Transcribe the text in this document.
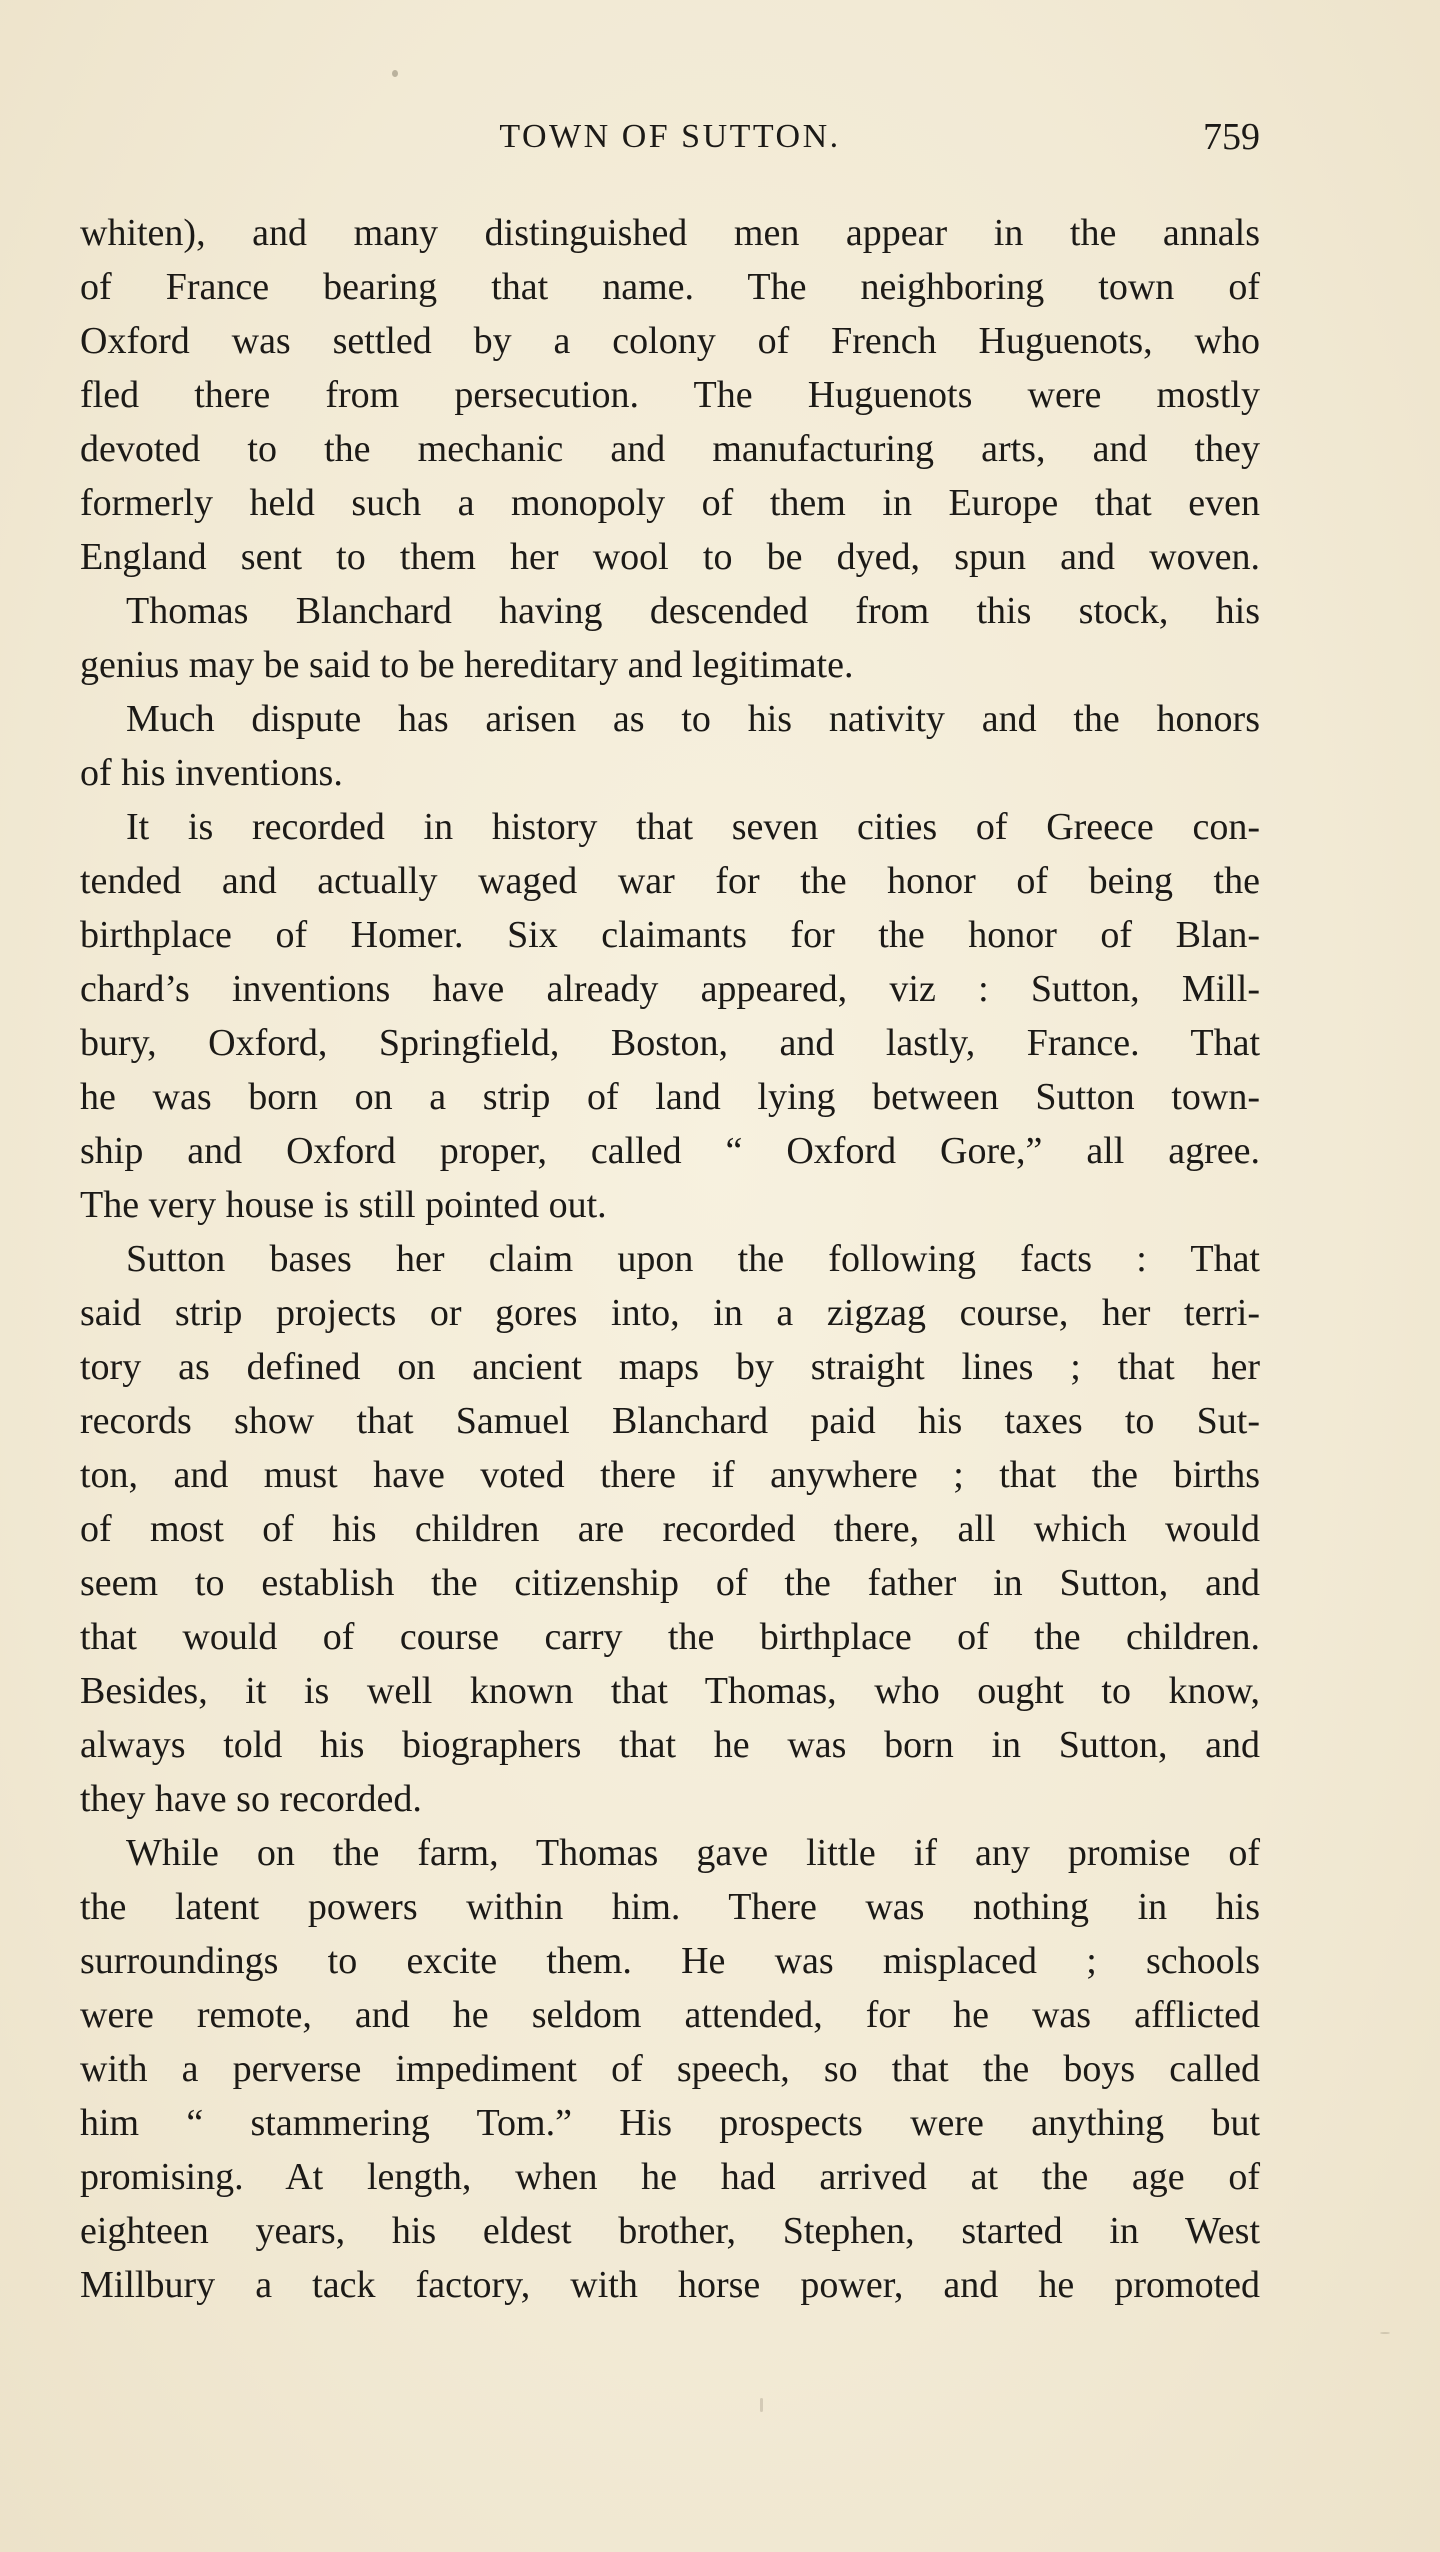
TOWN OF SUTTON.	759

whiten), and many distinguished men appear in the annals

of France bearing that name. The neighboring town of

Oxford was settled by a colony of French Huguenots, who

fled there from persecution. The Huguenots were mostly

devoted to the mechanic and manufacturing arts, and they

formerly held such a monopoly of them in Europe that even

England sent to them her wool to be dyed, spun and woven.

Thomas Blanchard having descended from this stock, his

genius may be said to be hereditary and legitimate.

Much dispute has arisen as to his nativity and the honors

of his inventions.

It is recorded in history that seven cities of Greece con-

tended and actually waged war for the honor of being the

birthplace of Homer. Six claimants for the honor of Blan-

chard’s inventions have already appeared, viz : Sutton, Mill-

bury, Oxford, Springfield, Boston, and lastly, France. That

he was born on a strip of land lying between Sutton town-

ship and Oxford proper, called “ Oxford Gore,” all agree.

The very house is still pointed out.

Sutton bases her claim upon the following facts : That

said strip projects or gores into, in a zigzag course, her terri-

tory as defined on ancient maps by straight lines ; that her

records show that Samuel Blanchard paid his taxes to Sut-

ton, and must have voted there if anywhere ; that the births

of most of his children are recorded there, all which would

seem to establish the citizenship of the father in Sutton, and

that would of course carry the birthplace of the children.

Besides, it is well known that Thomas, who ought to know,

always told his biographers that he was born in Sutton, and

they have so recorded.

While on the farm, Thomas gave little if any promise of

the latent powers within him. There was nothing in his

surroundings to excite them. He was misplaced ; schools

were remote, and he seldom attended, for he was afflicted

with a perverse impediment of speech, so that the boys called

him “ stammering Tom.” His prospects were anything but

promising. At length, when he had arrived at the age of

eighteen years, his eldest brother, Stephen, started in West

Millbury a tack factory, with horse power, and he promoted
